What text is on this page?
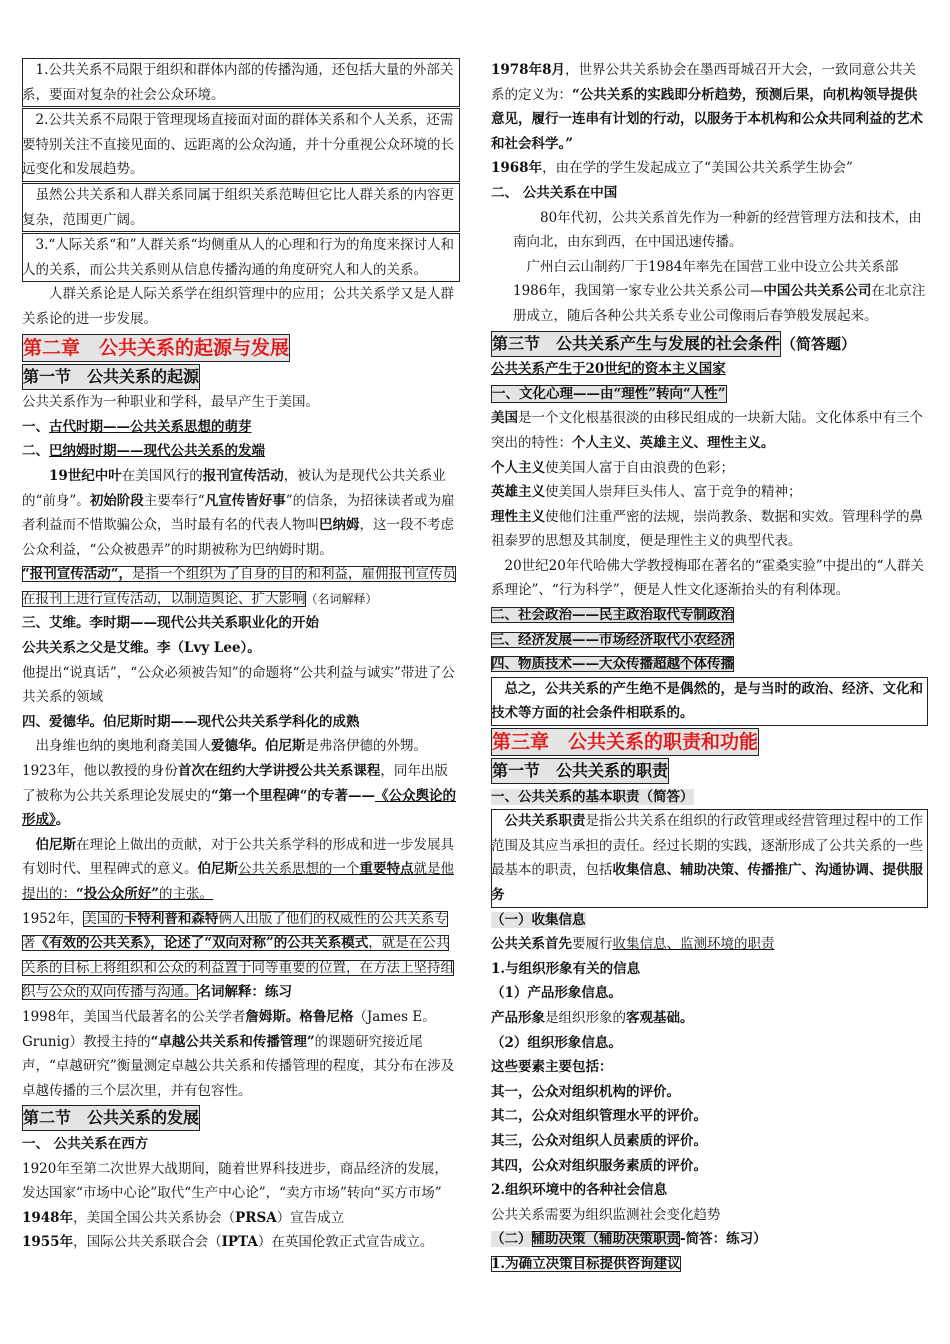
1.公共关系不局限于组织和群体内部的传播沟通，还包括大量的外部关系，要面对复杂的社会公众环境。
2.公共关系不局限于管理现场直接面对面的群体关系和个人关系，还需要特别关注不直接见面的、远距离的公众沟通，并十分重视公众环境的长远变化和发展趋势。
虽然公共关系和人群关系同属于组织关系范畴但它比人群关系的内容更复杂，范围更广阔。
3.“人际关系“和”人群关系“均侧重从人的心理和行为的角度来探讨人和人的关系，而公共关系则从信息传播沟通的角度研究人和人的关系。

人群关系论是人际关系学在组织管理中的应用；公共关系学又是人群关系论的进一步发展。

第二章　公共关系的起源与发展
第一节　公共关系的起源

公共关系作为一种职业和学科，最早产生于美国。

一、古代时期——公共关系思想的萌芽

二、巴纳姆时期——现代公共关系的发端

19世纪中叶在美国风行的报刊宣传活动，被认为是现代公共关系业的“前身”。初始阶段主要奉行“凡宣传皆好事”的信条，为招徕读者或为雇者利益而不惜欺骗公众，当时最有名的代表人物叫巴纳姆，这一段不考虑公众利益，“公众被愚弄”的时期被称为巴纳姆时期。

“报刊宣传活动“，是指一个组织为了自身的目的和利益，雇佣报刊宣传员在报刊上进行宣传活动，以制造舆论、扩大影响（名词解释）

三、艾维。李时期——现代公共关系职业化的开始

公共关系之父是艾维。李（Lvy Lee）。

他提出“说真话”，“公众必须被告知”的命题将“公共利益与诚实”带进了公共关系的领域

四、爱德华。伯尼斯时期——现代公共关系学科化的成熟

出身维也纳的奥地利裔美国人爱德华。伯尼斯是弗洛伊德的外甥。1923年，他以教授的身份首次在纽约大学讲授公共关系课程，同年出版了被称为公共关系理论发展史的“第一个里程碑“的专著——《公众舆论的形成》。

伯尼斯在理论上做出的贡献，对于公共关系学科的形成和进一步发展具有划时代、里程碑式的意义。伯尼斯公共关系思想的一个重要特点就是他提出的：“投公众所好”的主张。

1952年，美国的卡特利普和森特俩人出版了他们的权威性的公共关系专著《有效的公共关系》，论述了“双向对称”的公共关系模式，就是在公共关系的目标上将组织和公众的利益置于同等重要的位置，在方法上坚持组织与公众的双向传播与沟通。名词解释：练习

1998年，美国当代最著名的公关学者詹姆斯。格鲁尼格（James E。Grunig）教授主持的“卓越公共关系和传播管理”的课题研究接近尾声，“卓越研究”衡量测定卓越公共关系和传播管理的程度，其分布在涉及卓越传播的三个层次里，并有包容性。

第二节　公共关系的发展

一、 公共关系在西方

1920年至第二次世界大战期间，随着世界科技进步，商品经济的发展，发达国家“市场中心论”取代“生产中心论”，“卖方市场”转向“买方市场”

1948年，美国全国公共关系协会（PRSA）宣告成立

1955年，国际公共关系联合会（IPTA）在英国伦敦正式宣告成立。

1978年8月，世界公共关系协会在墨西哥城召开大会，一致同意公共关系的定义为：“公共关系的实践即分析趋势，预测后果，向机构领导提供意见，履行一连串有计划的行动，以服务于本机构和公众共同利益的艺术和社会科学。”

1968年，由在学的学生发起成立了“美国公共关系学生协会”

二、 公共关系在中国

80年代初，公共关系首先作为一种新的经营管理方法和技术，由南向北，由东到西，在中国迅速传播。

广州白云山制药厂于1984年率先在国营工业中设立公共关系部1986年，我国第一家专业公共关系公司—中国公共关系公司在北京注册成立，随后各种公共关系专业公司像雨后春笋般发展起来。

第三节　公共关系产生与发展的社会条件（简答题）

公共关系产生于20世纪的资本主义国家

一、文化心理——由“理性”转向“人性”

美国是一个文化根基很淡的由移民组成的一块新大陆。文化体系中有三个突出的特性：个人主义、英雄主义、理性主义。

个人主义使美国人富于自由浪费的色彩；

英雄主义使美国人崇拜巨头伟人、富于竞争的精神；

理性主义使他们注重严密的法规，崇尚教条、数据和实效。管理科学的鼻祖泰罗的思想及其制度，便是理性主义的典型代表。

20世纪20年代哈佛大学教授梅耶在著名的“霍桑实验”中提出的“人群关系理论”、“行为科学”，便是人性文化逐渐抬头的有利体现。

二、社会政治——民主政治取代专制政治
三、经济发展——市场经济取代小农经济
四、物质技术——大众传播超越个体传播
总之，公共关系的产生绝不是偶然的，是与当时的政治、经济、文化和技术等方面的社会条件相联系的。
第三章　公共关系的职责和功能
第一节　公共关系的职责
一、公共关系的基本职责（简答）
公共关系职责是指公共关系在组织的行政管理或经营管理过程中的工作范围及其应当承担的责任。经过长期的实践，逐渐形成了公共关系的一些最基本的职责，包括收集信息、辅助决策、传播推广、沟通协调、提供服务
（一）收集信息

公共关系首先要履行收集信息、监测环境的职责

1.与组织形象有关的信息

（1）产品形象信息。

产品形象是组织形象的客观基础。

（2）组织形象信息。

这些要素主要包括：

其一，公众对组织机构的评价。

其二，公众对组织管理水平的评价。

其三，公众对组织人员素质的评价。

其四，公众对组织服务素质的评价。

2.组织环境中的各种社会信息

公共关系需要为组织监测社会变化趋势

（二）辅助决策（辅助决策职责-简答：练习）
1.为确立决策目标提供咨询建议
